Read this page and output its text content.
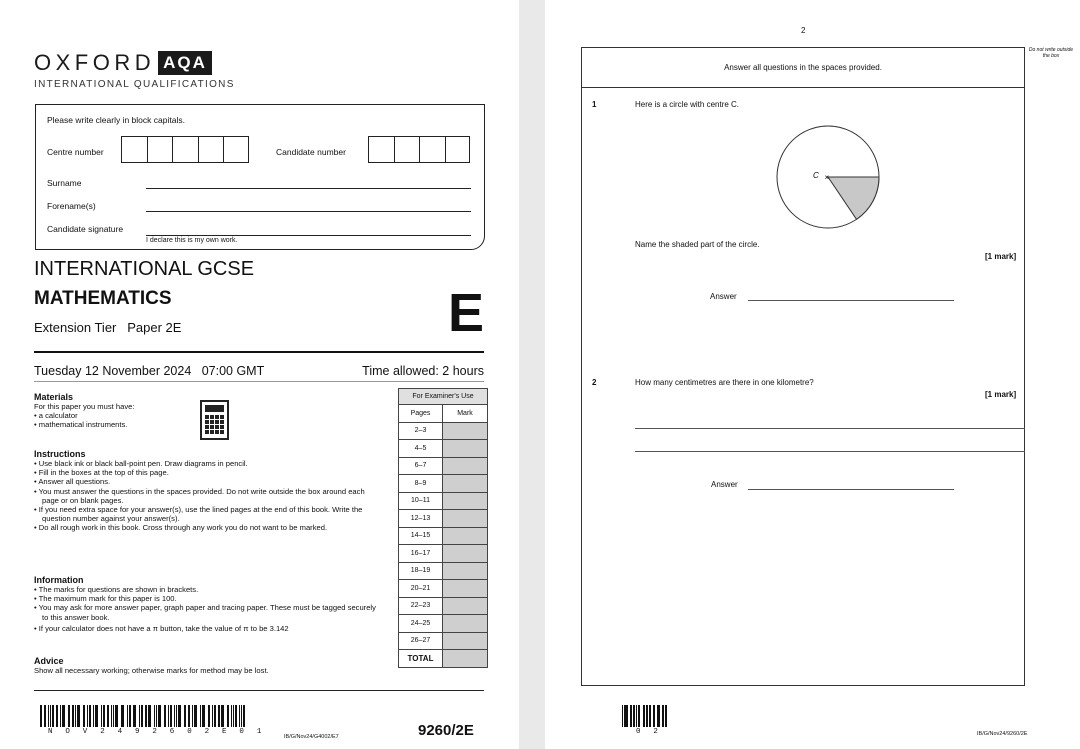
OXFORD AQA
INTERNATIONAL QUALIFICATIONS
Please write clearly in block capitals.
Centre number	Candidate number
Surname
Forename(s)
Candidate signature
I declare this is my own work.
INTERNATIONAL GCSE
MATHEMATICS
Extension Tier   Paper 2E	E
Tuesday 12 November 2024   07:00 GMT	Time allowed: 2 hours
Materials
For this paper you must have:
• a calculator
• mathematical instruments.
Instructions
• Use black ink or black ball-point pen. Draw diagrams in pencil.
• Fill in the boxes at the top of this page.
• Answer all questions.
• You must answer the questions in the spaces provided. Do not write outside the box around each page or on blank pages.
• If you need extra space for your answer(s), use the lined pages at the end of this book. Write the question number against your answer(s).
• Do all rough work in this book. Cross through any work you do not want to be marked.
Information
• The marks for questions are shown in brackets.
• The maximum mark for this paper is 100.
• You may ask for more answer paper, graph paper and tracing paper. These must be tagged securely to this answer book.
• If your calculator does not have a π button, take the value of π to be 3.142
Advice
Show all necessary working; otherwise marks for method may be lost.
For Examiner's Use	
Pages	Mark
2–3	
4–5	
6–7	
8–9	
10–11	
12–13	
14–15	
16–17	
18–19	
20–21	
22–23	
24–25	
26–27	
TOTAL	
N O V 2 4 9 2 6 0 2 E 0 1
IB/G/Nov24/G4002/E7	9260/2E
2
Do not write outside the box
Answer all questions in the spaces provided.
1	Here is a circle with centre C.
C ×
Name the shaded part of the circle.
[1 mark]
Answer
2	How many centimetres are there in one kilometre?
[1 mark]
Answer
0 2	IB/G/Nov24/9260/2E
